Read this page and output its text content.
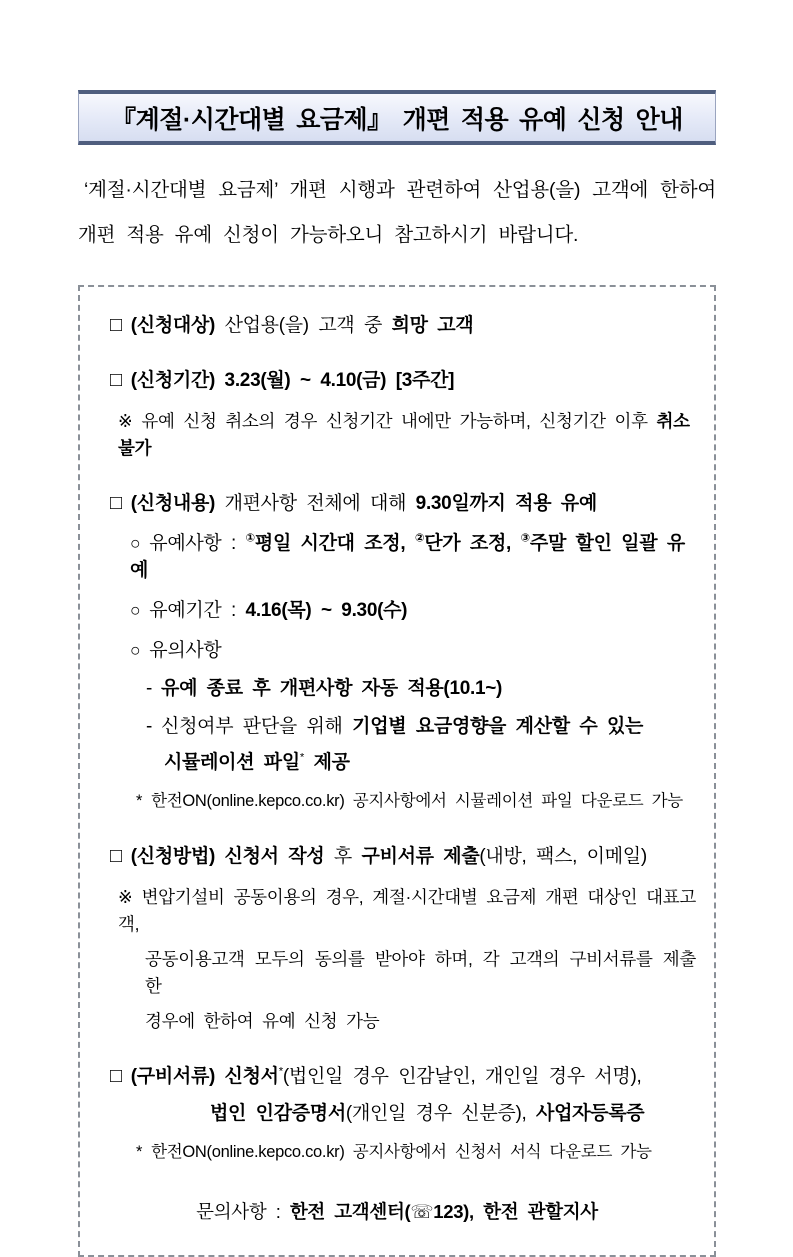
『계절·시간대별 요금제』 개편 적용 유예 신청 안내
‘계절·시간대별 요금제’ 개편 시행과 관련하여 산업용(을) 고객에 한하여
개편 적용 유예 신청이 가능하오니 참고하시기 바랍니다.
□ (신청대상) 산업용(을) 고객 중 희망 고객
□ (신청기간) 3.23(월) ~ 4.10(금) [3주간]
※ 유예 신청 취소의 경우 신청기간 내에만 가능하며, 신청기간 이후 취소 불가
□ (신청내용) 개편사항 전체에 대해 9.30일까지 적용 유예
○ 유예사항 : ①평일 시간대 조정, ②단가 조정, ③주말 할인 일괄 유예
○ 유예기간 : 4.16(목) ~ 9.30(수)
○ 유의사항
- 유예 종료 후 개편사항 자동 적용(10.1~)
- 신청여부 판단을 위해 기업별 요금영향을 계산할 수 있는
시뮬레이션 파일* 제공
* 한전ON(online.kepco.co.kr) 공지사항에서 시뮬레이션 파일 다운로드 가능
□ (신청방법) 신청서 작성 후 구비서류 제출(내방, 팩스, 이메일)
※ 변압기설비 공동이용의 경우, 계절·시간대별 요금제 개편 대상인 대표고객,
공동이용고객 모두의 동의를 받아야 하며, 각 고객의 구비서류를 제출한
경우에 한하여 유예 신청 가능
□ (구비서류) 신청서*(법인일 경우 인감날인, 개인일 경우 서명),
법인 인감증명서(개인일 경우 신분증), 사업자등록증
* 한전ON(online.kepco.co.kr) 공지사항에서 신청서 서식 다운로드 가능
문의사항 : 한전 고객센터(☏123), 한전 관할지사
